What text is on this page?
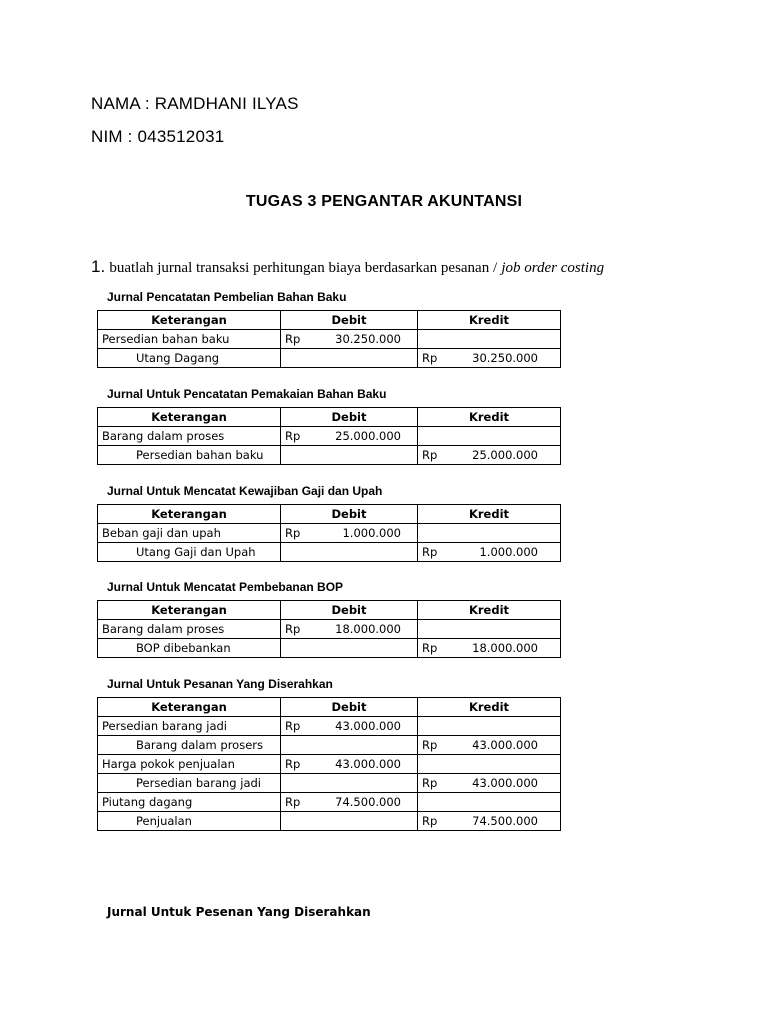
NAMA : RAMDHANI ILYAS
NIM : 043512031
TUGAS 3 PENGANTAR AKUNTANSI
1. buatlah jurnal transaksi perhitungan biaya berdasarkan pesanan / job order costing
Jurnal Pencatatan Pembelian Bahan Baku
Keterangan	Debit	Kredit
Persedian bahan baku	Rp 30.250.000	

Utang Dagang		Rp 30.250.000
Jurnal Untuk Pencatatan Pemakaian Bahan Baku
Keterangan	Debit	Kredit
Barang dalam proses	Rp 25.000.000	

Persedian bahan baku		Rp 25.000.000
Jurnal Untuk Mencatat Kewajiban Gaji dan Upah
Keterangan	Debit	Kredit
Beban gaji dan upah	Rp 1.000.000	

Utang Gaji dan Upah		Rp 1.000.000
Jurnal Untuk Mencatat Pembebanan BOP
Keterangan	Debit	Kredit
Barang dalam proses	Rp 18.000.000	

BOP dibebankan		Rp 18.000.000
Jurnal Untuk Pesanan Yang Diserahkan
Keterangan	Debit	Kredit
Persedian barang jadi	Rp 43.000.000	

Barang dalam prosers		Rp 43.000.000

Harga pokok penjualan	Rp 43.000.000	

Persedian barang jadi		Rp 43.000.000

Piutang dagang	Rp 74.500.000	

Penjualan		Rp 74.500.000
Jurnal Untuk Pesenan Yang Diserahkan
